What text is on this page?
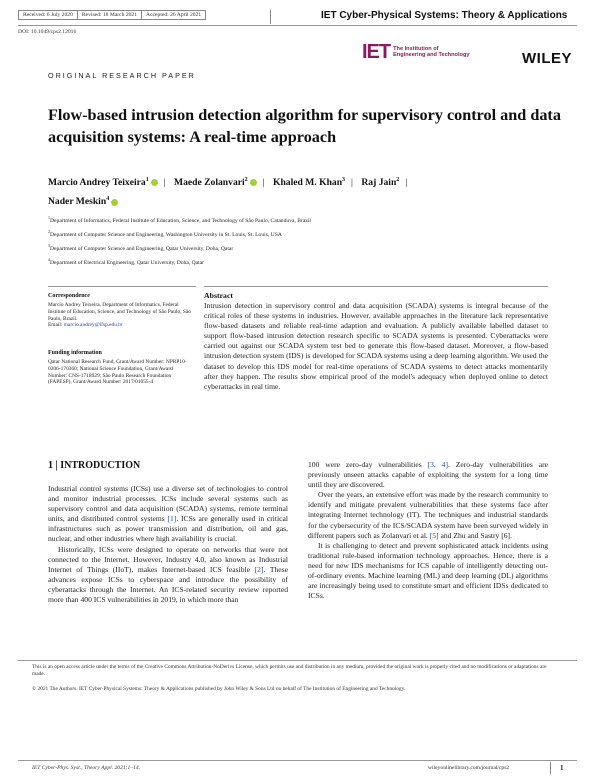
Received: 6 July 2020	Revised: 18 March 2021	Accepted: 26 April 2021	IET Cyber-Physical Systems: Theory & Applications
DOI: 10.1049/cps2.12016
IET The Institution of
Engineering and Technology	WILEY
ORIGINAL RESEARCH PAPER
Flow-based intrusion detection algorithm for supervisory control and data acquisition systems: A real-time approach
Marcio Andrey Teixeira$^1$ | Maede Zolanvari$^2$ | Khaled M. Khan$^3$ | Raj Jain$^2$ |
Nader Meskin$^4$
$^1$Department of Informatics, Federal Institute of Education, Science, and Technology of São Paulo, Catanduva, Brazil
$^2$Department of Computer Science and Engineering, Washington University in St. Louis, St. Louis, USA
$^3$Department of Computer Science and Engineering, Qatar University, Doha, Qatar
$^4$Department of Electrical Engineering, Qatar University, Doha, Qatar
Correspondence
Marcio Andrey Teixeira, Department of Informatics, Federal Institute of Education, Science, and Technology of São Paulo, São Paulo, Brazil.
Email: marcio.andrey@ifsp.edu.br
Funding information
Qatar National Research Fund, Grant/Award Number: NPRP10-0206-170360; National Science Foundation, Grant/Award Number: CNS-1718929; São Paulo Research Foundation (FAPESP), Grant/Award Number: 2017/01055-4
Abstract
Intrusion detection in supervisory control and data acquisition (SCADA) systems is integral because of the critical roles of these systems in industries. However, available approaches in the literature lack representative flow-based datasets and reliable real-time adaption and evaluation. A publicly available labelled dataset to support flow-based intrusion detection research specific to SCADA systems is presented. Cyberattacks were carried out against our SCADA system test bed to generate this flow-based dataset. Moreover, a flow-based intrusion detection system (IDS) is developed for SCADA systems using a deep learning algorithm. We used the dataset to develop this IDS model for real-time operations of SCADA systems to detect attacks momentarily after they happen. The results show empirical proof of the model's adequacy when deployed online to detect cyberattacks in real time.
1 | INTRODUCTION

Industrial control systems (ICSs) use a diverse set of technologies to control and monitor industrial processes. ICSs include several systems such as supervisory control and data acquisition (SCADA) systems, remote terminal units, and distributed control systems [1]. ICSs are generally used in critical infrastructures such as power transmission and distribution, oil and gas, nuclear, and other industries where high availability is crucial.

Historically, ICSs were designed to operate on networks that were not connected to the Internet. However, Industry 4.0, also known as Industrial Internet of Things (IIoT), makes Internet-based ICS feasible [2]. These advances expose ICSs to cyberspace and introduce the possibility of cyberattacks through the Internet. An ICS-related security review reported more than 400 ICS vulnerabilities in 2019, in which more than

100 were zero-day vulnerabilities [3, 4]. Zero-day vulnerabilities are previously unseen attacks capable of exploiting the system for a long time until they are discovered.

Over the years, an extensive effort was made by the research community to identify and mitigate prevalent vulnerabilities that these systems face after integrating Internet technology (IT). The techniques and industrial standards for the cybersecurity of the ICS/SCADA system have been surveyed widely in different papers such as Zolanvari et al. [5] and Zhu and Sastry [6].

It is challenging to detect and prevent sophisticated attack incidents using traditional rule-based information technology approaches. Hence, there is a need for new IDS mechanisms for ICS capable of intelligently detecting out-of-ordinary events. Machine learning (ML) and deep learning (DL) algorithms are increasingly being used to constitute smart and efficient IDSs dedicated to ICSs.

This is an open access article under the terms of the Creative Commons Attribution-NoDerivs License, which permits use and distribution in any medium, provided the original work is properly cited and no modifications or adaptations are made.
© 2021 The Authors. IET Cyber-Physical Systems: Theory & Applications published by John Wiley & Sons Ltd on behalf of The Institution of Engineering and Technology.
IET Cyber-Phys. Syst., Theory Appl. 2021;1–14.	wileyonlinelibrary.com/journal/cps2	1
